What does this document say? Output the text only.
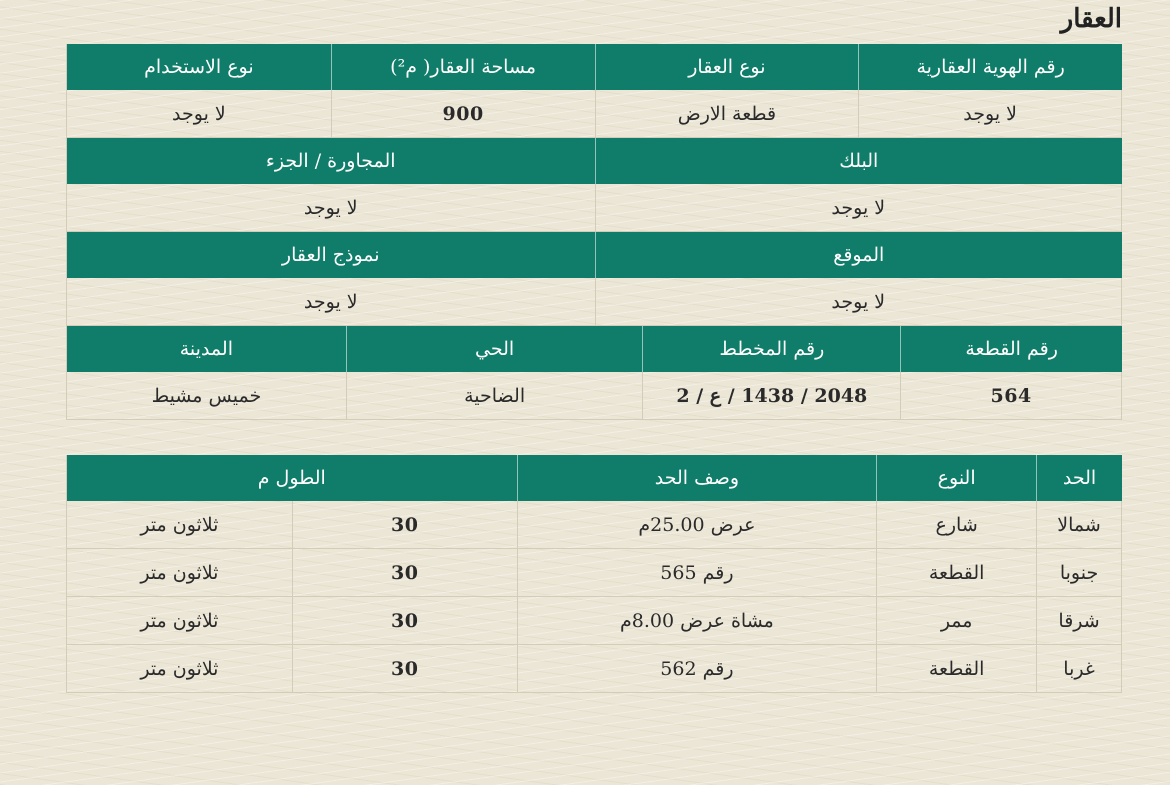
العقار
رقم الهوية العقارية
نوع العقار
مساحة العقار( م²)
نوع الاستخدام
لا يوجد
قطعة الارض
900
لا يوجد
البلك
المجاورة / الجزء
لا يوجد
لا يوجد
الموقع
نموذج العقار
لا يوجد
لا يوجد
رقم القطعة
رقم المخطط
الحي
المدينة
564
2048 / 1438 / ع / 2
الضاحية
خميس مشيط
الحد
النوع
وصف الحد
الطول م
شمالا
شارع
عرض 25.00م
30
ثلاثون متر
جنوبا
القطعة
رقم 565
30
ثلاثون متر
شرقا
ممر
مشاة عرض 8.00م
30
ثلاثون متر
غربا
القطعة
رقم 562
30
ثلاثون متر
